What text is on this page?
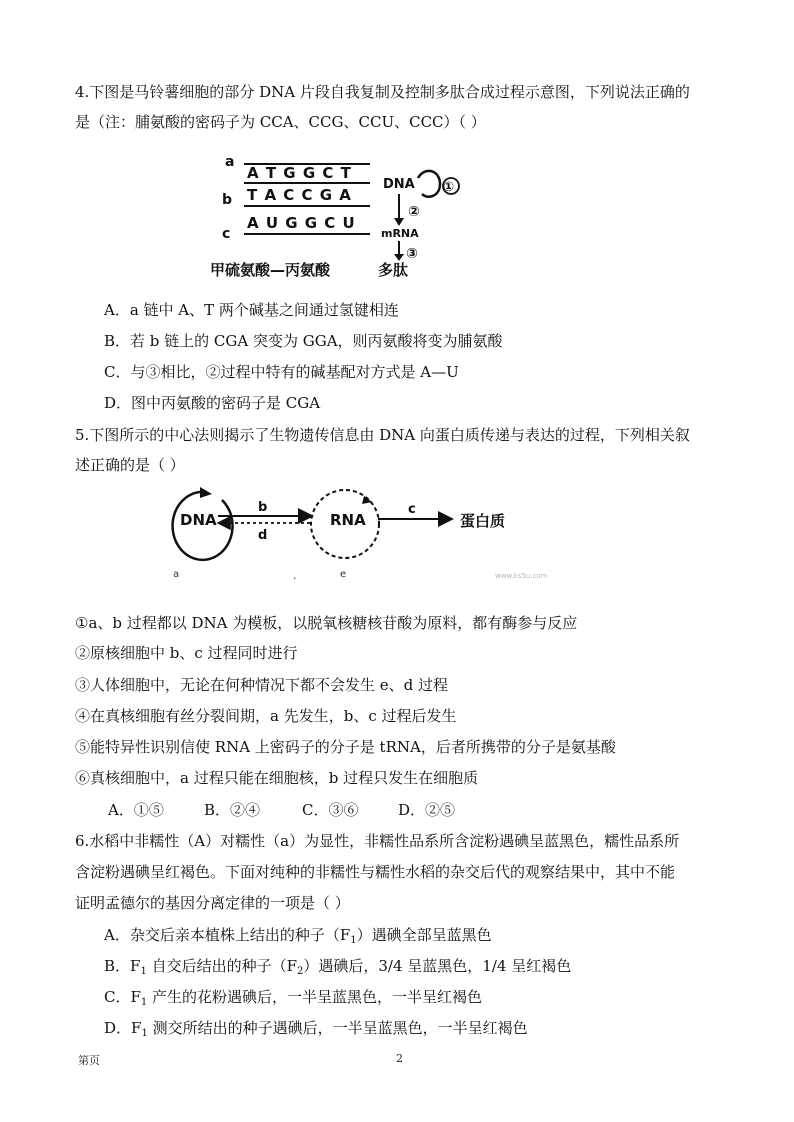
4.下图是马铃薯细胞的部分 DNA 片段自我复制及控制多肽合成过程示意图，下列说法正确的
是（注：脯氨酸的密码子为 CCA、CCG、CCU、CCC）（ ）
a
A T G G C T
b T A C C G A
c
A U G G C U
DNA ①
②
mRNA
③
甲硫氨酸—丙氨酸	多肽
A．a 链中 A、T 两个碱基之间通过氢键相连
B．若 b 链上的 CGA 突变为 GGA，则丙氨酸将变为脯氨酸
C．与③相比，②过程中特有的碱基配对方式是 A—U
D．图中丙氨酸的密码子是 CGA
5.下图所示的中心法则揭示了生物遗传信息由 DNA 向蛋白质传递与表达的过程，下列相关叙
述正确的是（ ）
DNA	RNA	蛋白质
b
d
c
a	.	e	www.ks5u.com
①a、b 过程都以 DNA 为模板，以脱氧核糖核苷酸为原料，都有酶参与反应
②原核细胞中 b、c 过程同时进行
③人体细胞中，无论在何种情况下都不会发生 e、d 过程
④在真核细胞有丝分裂间期，a 先发生，b、c 过程后发生
⑤能特异性识别信使 RNA 上密码子的分子是 tRNA，后者所携带的分子是氨基酸
⑥真核细胞中，a 过程只能在细胞核，b 过程只发生在细胞质
A．①⑤	B．②④	C．③⑥	D．②⑤
6.水稻中非糯性（A）对糯性（a）为显性，非糯性品系所含淀粉遇碘呈蓝黑色，糯性品系所
含淀粉遇碘呈红褐色。下面对纯种的非糯性与糯性水稻的杂交后代的观察结果中，其中不能
证明孟德尔的基因分离定律的一项是（ ）
A．杂交后亲本植株上结出的种子$(F_1)$遇碘全部呈蓝黑色
B．$F_1$ 自交后结出的种子$(F_2)$遇碘后，3/4 呈蓝黑色，1/4 呈红褐色
C．$F_1$ 产生的花粉遇碘后，一半呈蓝黑色，一半呈红褐色
D．$F_1$ 测交所结出的种子遇碘后，一半呈蓝黑色，一半呈红褐色
第页	2
